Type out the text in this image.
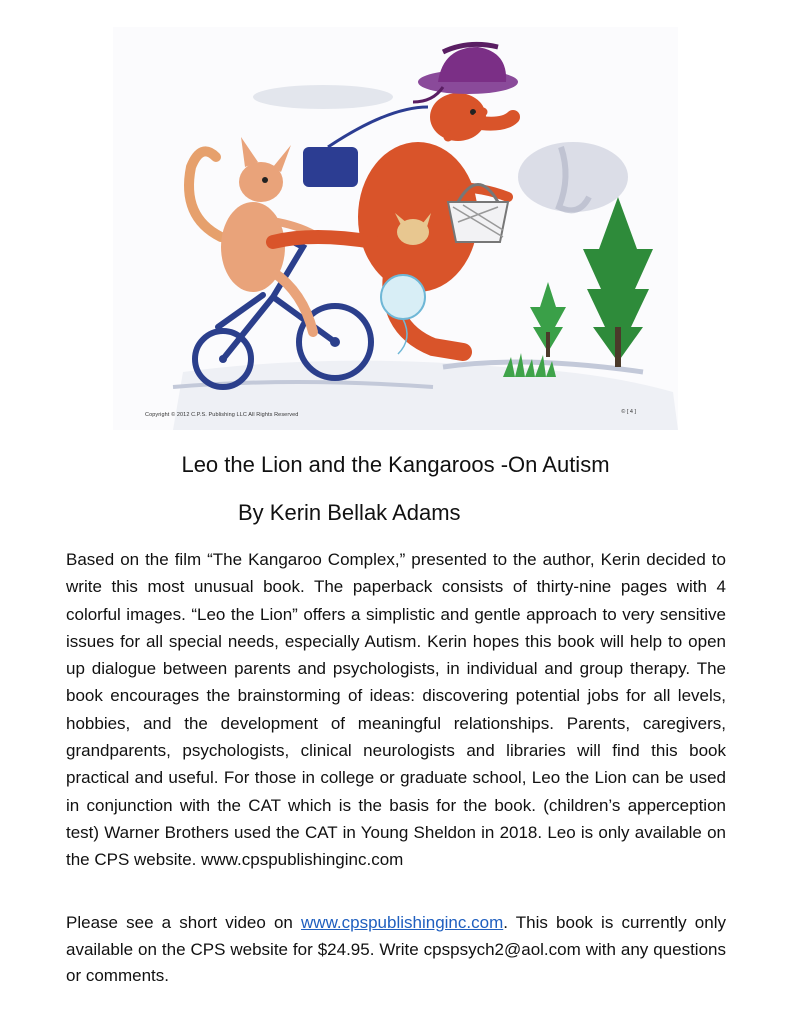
Copyright © 2012 C.P.S. Publishing LLC All Rights Reserved	© [ 4 ]
Leo the Lion and the Kangaroos -On Autism
By Kerin Bellak Adams

Based on the film “The Kangaroo Complex,” presented to the author, Kerin decided to write this most unusual book. The paperback consists of thirty-nine pages with 4 colorful images. “Leo the Lion” offers a simplistic and gentle approach to very sensitive issues for all special needs, especially Autism. Kerin hopes this book will help to open up dialogue between parents and psychologists, in individual and group therapy. The book encourages the brainstorming of ideas: discovering potential jobs for all levels, hobbies, and the development of meaningful relationships. Parents, caregivers, grandparents, psychologists, clinical neurologists and libraries will find this book practical and useful. For those in college or graduate school, Leo the Lion can be used in conjunction with the CAT which is the basis for the book. (children’s apperception test) Warner Brothers used the CAT in Young Sheldon in 2018. Leo is only available on the CPS website. www.cpspublishinginc.com

Please see a short video on www.cpspublishinginc.com. This book is currently only available on the CPS website for $24.95. Write cpspsych2@aol.com with any questions or comments.
